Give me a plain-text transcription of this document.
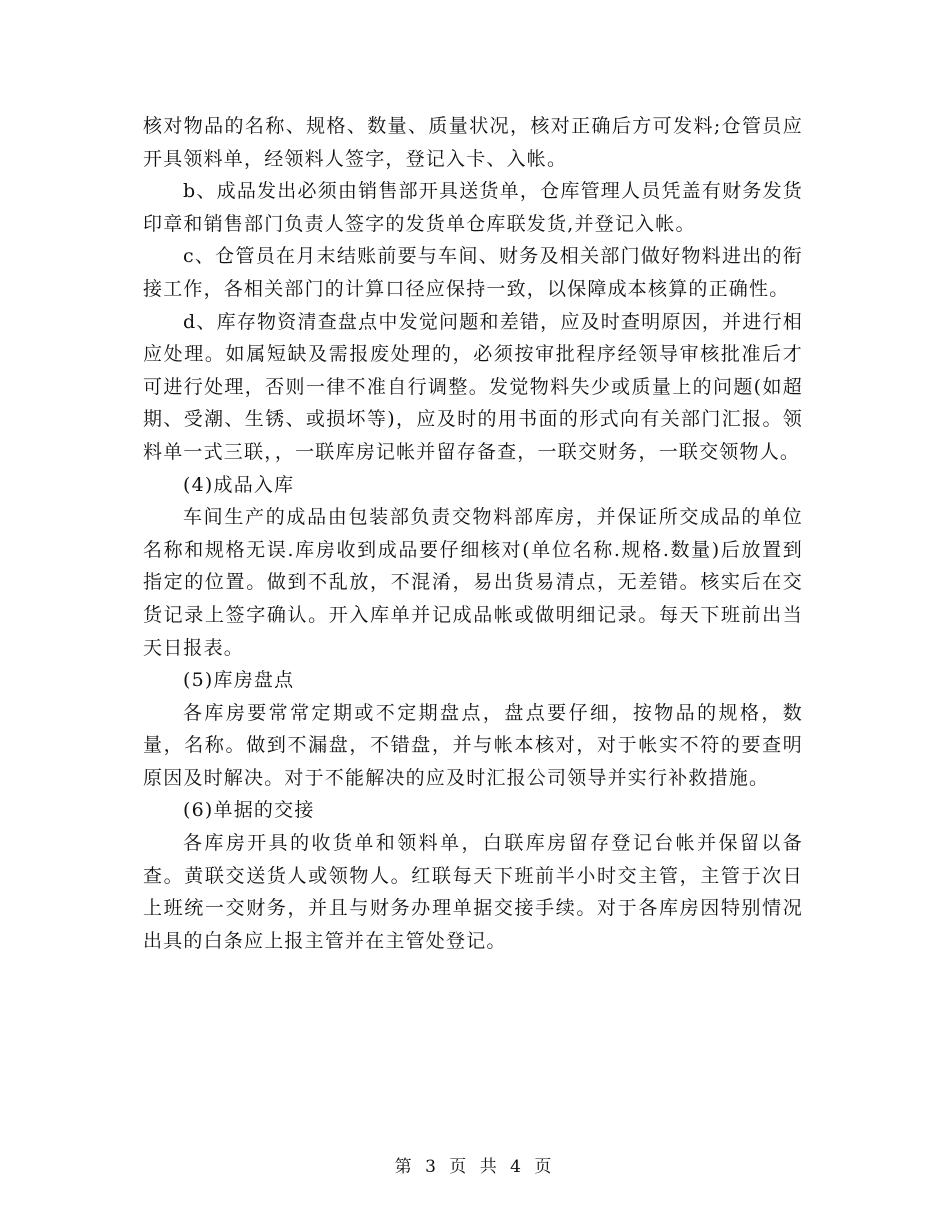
核对物品的名称、规格、数量、质量状况，核对正确后方可发料;仓管员应开具领料单，经领料人签字，登记入卡、入帐。

b、成品发出必须由销售部开具送货单，仓库管理人员凭盖有财务发货印章和销售部门负责人签字的发货单仓库联发货,并登记入帐。

c、仓管员在月末结账前要与车间、财务及相关部门做好物料进出的衔接工作，各相关部门的计算口径应保持一致，以保障成本核算的正确性。

d、库存物资清查盘点中发觉问题和差错，应及时查明原因，并进行相应处理。如属短缺及需报废处理的，必须按审批程序经领导审核批准后才可进行处理，否则一律不准自行调整。发觉物料失少或质量上的问题(如超期、受潮、生锈、或损坏等)，应及时的用书面的形式向有关部门汇报。领料单一式三联，，一联库房记帐并留存备查，一联交财务，一联交领物人。

(4)成品入库

车间生产的成品由包装部负责交物料部库房，并保证所交成品的单位名称和规格无误.库房收到成品要仔细核对(单位名称.规格.数量)后放置到指定的位置。做到不乱放，不混淆，易出货易清点，无差错。核实后在交货记录上签字确认。开入库单并记成品帐或做明细记录。每天下班前出当天日报表。

(5)库房盘点

各库房要常常定期或不定期盘点，盘点要仔细，按物品的规格，数量，名称。做到不漏盘，不错盘，并与帐本核对，对于帐实不符的要查明原因及时解决。对于不能解决的应及时汇报公司领导并实行补救措施。

(6)单据的交接

各库房开具的收货单和领料单，白联库房留存登记台帐并保留以备查。黄联交送货人或领物人。红联每天下班前半小时交主管，主管于次日上班统一交财务，并且与财务办理单据交接手续。对于各库房因特别情况出具的白条应上报主管并在主管处登记。

第 3 页 共 4 页
